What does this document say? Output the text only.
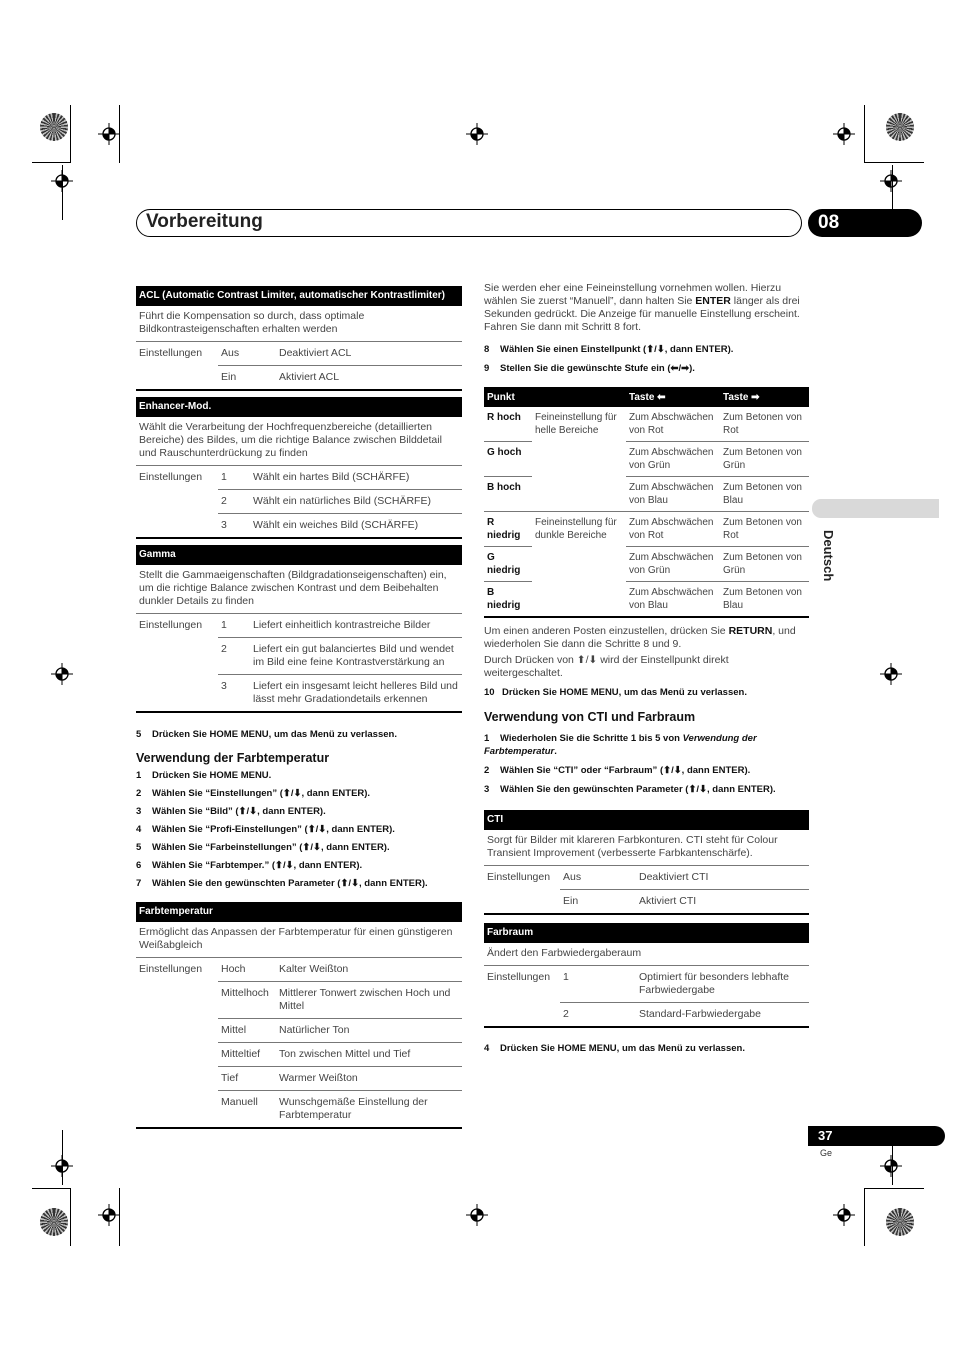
Vorbereitung	08
Deutsch
ACL (Automatic Contrast Limiter, automatischer Kontrastlimiter)
Führt die Kompensation so durch, dass optimale Bildkontrasteigenschaften erhalten werden
Einstellungen	Aus	Deaktiviert ACL
	Ein	Aktiviert ACL
Enhancer-Mod.
Wählt die Verarbeitung der Hochfrequenzbereiche (detaillierten Bereiche) des Bildes, um die richtige Balance zwischen Bilddetail und Rauschunterdrückung zu finden
Einstellungen	1	Wählt ein hartes Bild (SCHÄRFE)
	2	Wählt ein natürliches Bild (SCHÄRFE)
	3	Wählt ein weiches Bild (SCHÄRFE)
Gamma
Stellt die Gammaeigenschaften (Bildgradationseigenschaften) ein, um die richtige Balance zwischen Kontrast und dem Beibehalten dunkler Details zu finden
Einstellungen	1	Liefert einheitlich kontrastreiche Bilder
	2	Liefert ein gut balanciertes Bild und wendet im Bild eine feine Kontrastverstärkung an
	3	Liefert ein insgesamt leicht helleres Bild und lässt mehr Gradationdetails erkennen
5 Drücken Sie HOME MENU, um das Menü zu verlassen.
Verwendung der Farbtemperatur
1 Drücken Sie HOME MENU.
2 Wählen Sie “Einstellungen” (⬆/⬇, dann ENTER).
3 Wählen Sie “Bild” (⬆/⬇, dann ENTER).
4 Wählen Sie “Profi-Einstellungen” (⬆/⬇, dann ENTER).
5 Wählen Sie “Farbeinstellungen” (⬆/⬇, dann ENTER).
6 Wählen Sie “Farbtemper.” (⬆/⬇, dann ENTER).
7 Wählen Sie den gewünschten Parameter (⬆/⬇, dann ENTER).
Farbtemperatur
Ermöglicht das Anpassen der Farbtemperatur für einen günstigeren Weißabgleich
Einstellungen	Hoch	Kalter Weißton
	Mittelhoch	Mittlerer Tonwert zwischen Hoch und Mittel
	Mittel	Natürlicher Ton
	Mitteltief	Ton zwischen Mittel und Tief
	Tief	Warmer Weißton
	Manuell	Wunschgemäße Einstellung der Farbtemperatur
Sie werden eher eine Feineinstellung vornehmen wollen. Hierzu wählen Sie zuerst “Manuell”, dann halten Sie ENTER länger als drei Sekunden gedrückt. Die Anzeige für manuelle Einstellung erscheint. Fahren Sie dann mit Schritt 8 fort.
8 Wählen Sie einen Einstellpunkt (⬆/⬇, dann ENTER).
9 Stellen Sie die gewünschte Stufe ein (⬅/➡).
Punkt		Taste ⬅	Taste ➡
R hoch	Feineinstellung für helle Bereiche	Zum Abschwächen von Rot	Zum Betonen von Rot
G hoch		Zum Abschwächen von Grün	Zum Betonen von Grün
B hoch		Zum Abschwächen von Blau	Zum Betonen von Blau
R niedrig	Feineinstellung für dunkle Bereiche	Zum Abschwächen von Rot	Zum Betonen von Rot
G niedrig		Zum Abschwächen von Grün	Zum Betonen von Grün
B niedrig		Zum Abschwächen von Blau	Zum Betonen von Blau
Um einen anderen Posten einzustellen, drücken Sie RETURN, und wiederholen Sie dann die Schritte 8 und 9.
Durch Drücken von ⬆/⬇ wird der Einstellpunkt direkt weitergeschaltet.
10 Drücken Sie HOME MENU, um das Menü zu verlassen.
Verwendung von CTI und Farbraum
1 Wiederholen Sie die Schritte 1 bis 5 von Verwendung der Farbtemperatur.
2 Wählen Sie “CTI” oder “Farbraum” (⬆/⬇, dann ENTER).
3 Wählen Sie den gewünschten Parameter (⬆/⬇, dann ENTER).
CTI
Sorgt für Bilder mit klareren Farbkonturen. CTI steht für Colour Transient Improvement (verbesserte Farbkantenschärfe).
Einstellungen	Aus	Deaktiviert CTI
	Ein	Aktiviert CTI
Farbraum
Ändert den Farbwiedergaberaum
Einstellungen	1	Optimiert für besonders lebhafte Farbwiedergabe
	2	Standard-Farbwiedergabe
4 Drücken Sie HOME MENU, um das Menü zu verlassen.
37
Ge
